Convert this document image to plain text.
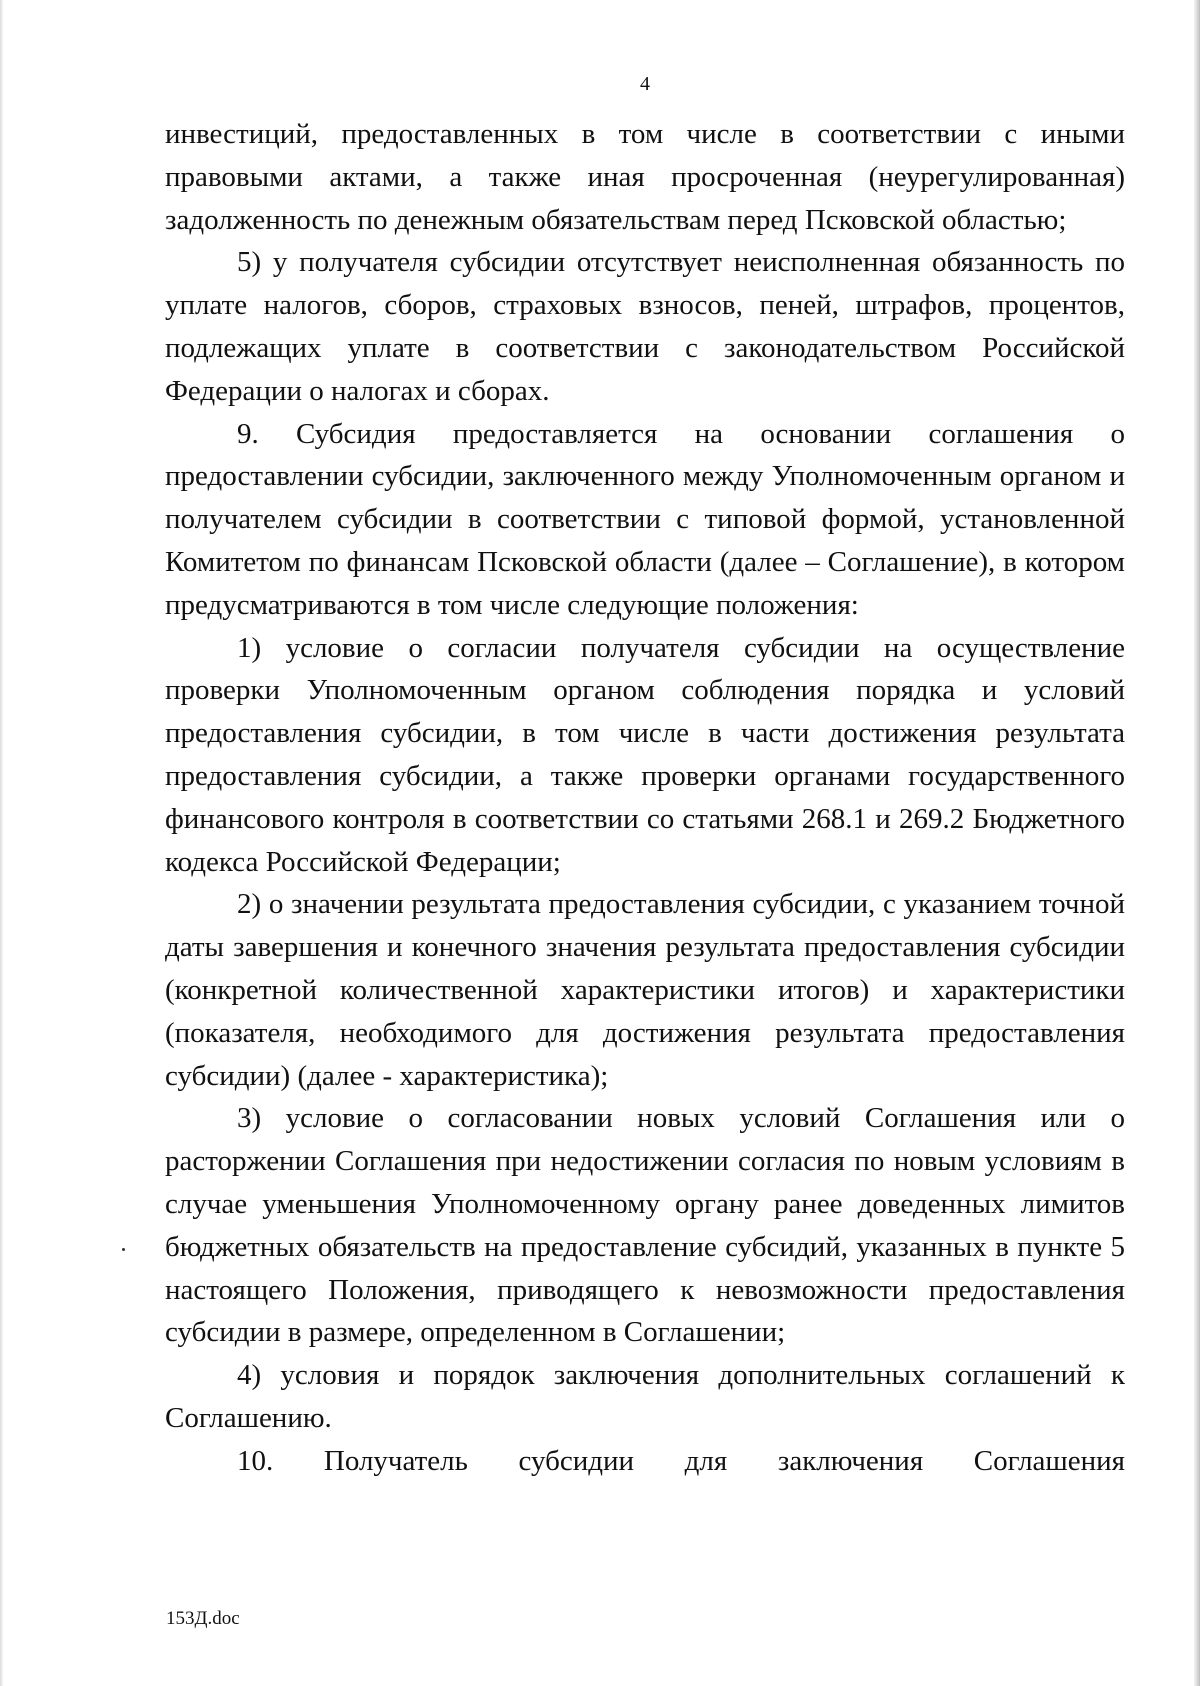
4

инвестиций, предоставленных в том числе в соответствии с иными правовыми актами, а также иная просроченная (неурегулированная) задолженность по денежным обязательствам перед Псковской областью;

5) у получателя субсидии отсутствует неисполненная обязанность по уплате налогов, сборов, страховых взносов, пеней, штрафов, процентов, подлежащих уплате в соответствии с законодательством Российской Федерации о налогах и сборах.

9. Субсидия предоставляется на основании соглашения о предоставлении субсидии, заключенного между Уполномоченным органом и получателем субсидии в соответствии с типовой формой, установленной Комитетом по финансам Псковской области (далее – Соглашение), в котором предусматриваются в том числе следующие положения:

1) условие о согласии получателя субсидии на осуществление проверки Уполномоченным органом соблюдения порядка и условий предоставления субсидии, в том числе в части достижения результата предоставления субсидии, а также проверки органами государственного финансового контроля в соответствии со статьями 268.1 и 269.2 Бюджетного кодекса Российской Федерации;

2) о значении результата предоставления субсидии, с указанием точной даты завершения и конечного значения результата предоставления субсидии (конкретной количественной характеристики итогов) и характеристики (показателя, необходимого для достижения результата предоставления субсидии) (далее - характеристика);

3) условие о согласовании новых условий Соглашения или о расторжении Соглашения при недостижении согласия по новым условиям в случае уменьшения Уполномоченному органу ранее доведенных лимитов бюджетных обязательств на предоставление субсидий, указанных в пункте 5 настоящего Положения, приводящего к невозможности предоставления субсидии в размере, определенном в Соглашении;

4) условия и порядок заключения дополнительных соглашений к Соглашению.

10. Получатель субсидии для заключения Соглашения

153Д.doc
